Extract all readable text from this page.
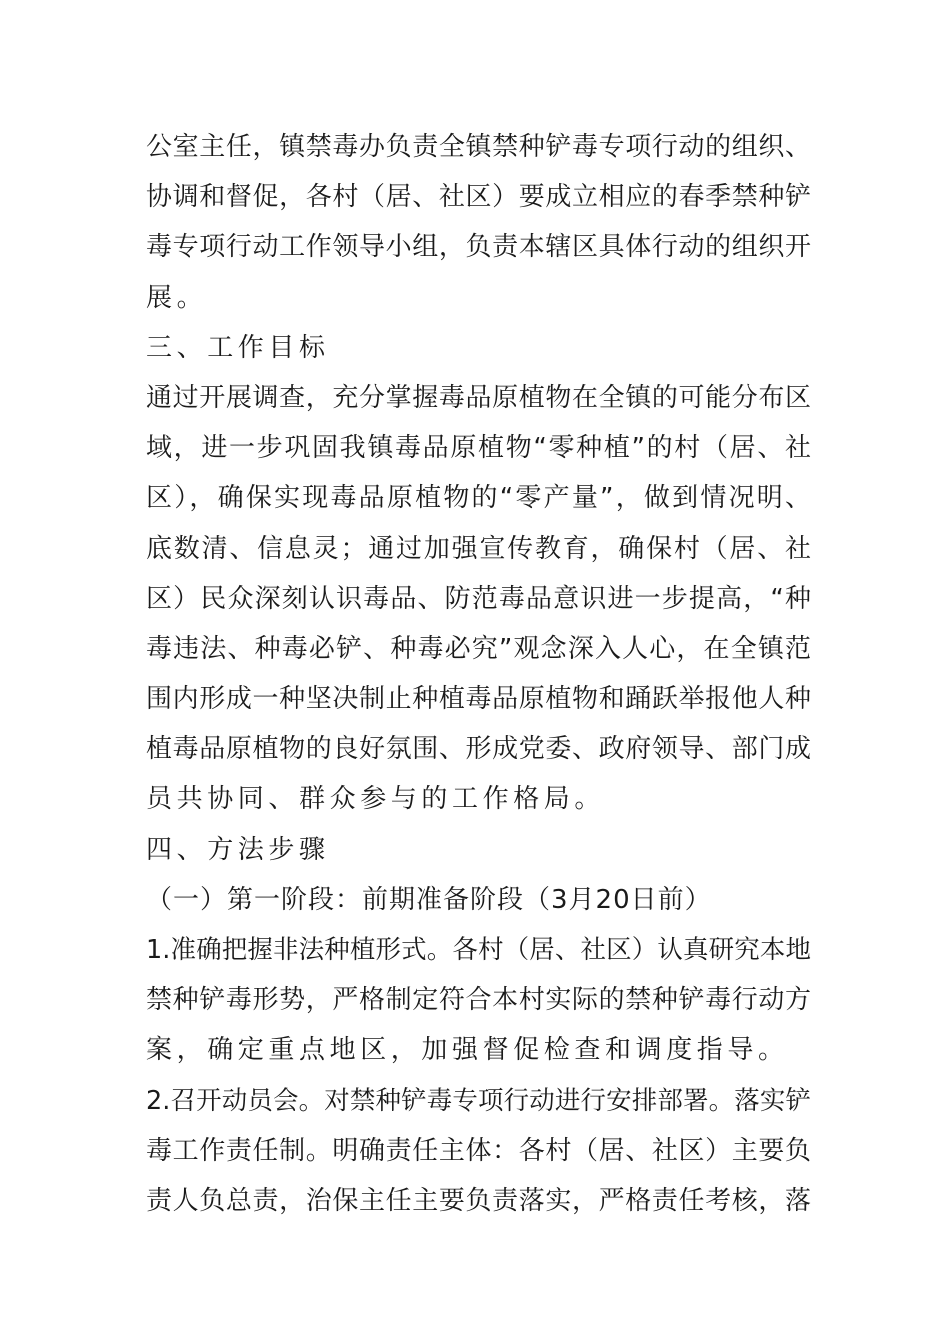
公室主任，镇禁毒办负责全镇禁种铲毒专项行动的组织、
协调和督促，各村（居、社区）要成立相应的春季禁种铲
毒专项行动工作领导小组，负责本辖区具体行动的组织开
展。
三、工作目标
通过开展调查，充分掌握毒品原植物在全镇的可能分布区
域，进一步巩固我镇毒品原植物“零种植”的村（居、社
区），确保实现毒品原植物的“零产量”，做到情况明、
底数清、信息灵；通过加强宣传教育，确保村（居、社
区）民众深刻认识毒品、防范毒品意识进一步提高，“种
毒违法、种毒必铲、种毒必究”观念深入人心，在全镇范
围内形成一种坚决制止种植毒品原植物和踊跃举报他人种
植毒品原植物的良好氛围、形成党委、政府领导、部门成
员共协同、群众参与的工作格局。
四、方法步骤
（一）第一阶段：前期准备阶段（3月20日前）
1.准确把握非法种植形式。各村（居、社区）认真研究本地
禁种铲毒形势，严格制定符合本村实际的禁种铲毒行动方
案，确定重点地区，加强督促检查和调度指导。
2.召开动员会。对禁种铲毒专项行动进行安排部署。落实铲
毒工作责任制。明确责任主体：各村（居、社区）主要负
责人负总责，治保主任主要负责落实，严格责任考核，落
